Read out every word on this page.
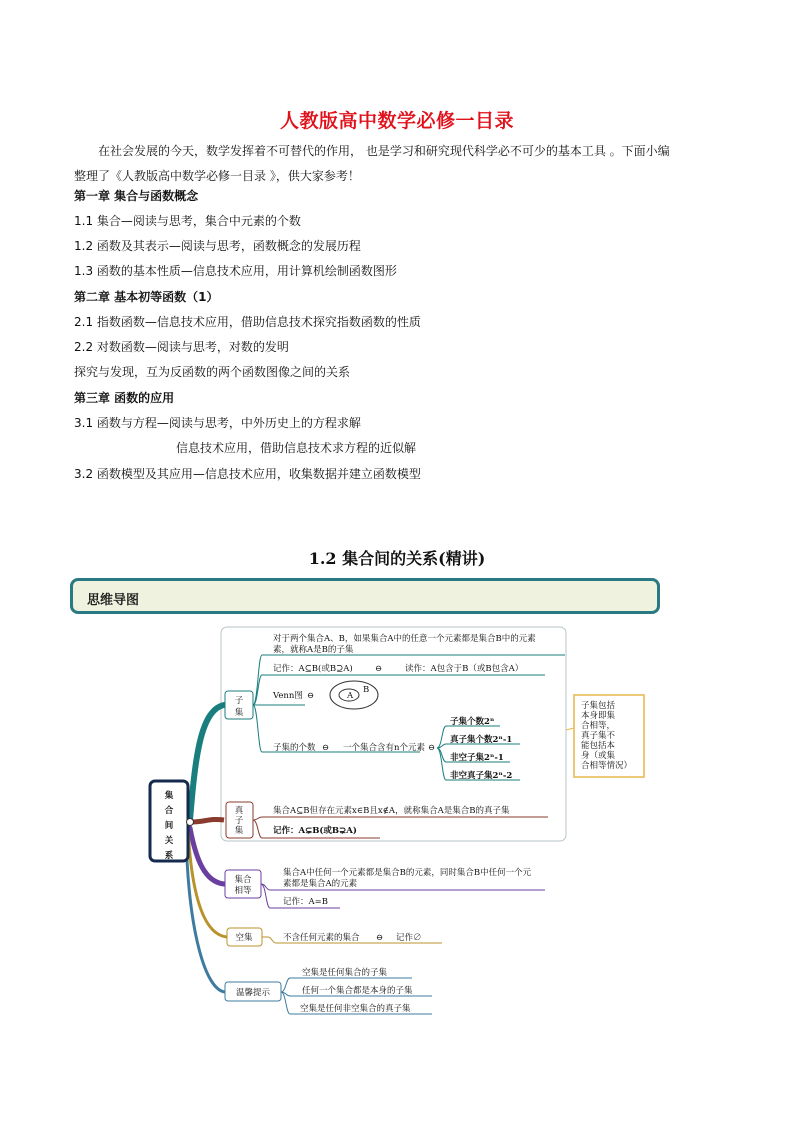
人教版高中数学必修一目录
在社会发展的今天，数学发挥着不可替代的作用， 也是学习和研究现代科学必不可少的基本工具 。下面小编
整理了《人教版高中数学必修一目录 》，供大家参考！
第一章 集合与函数概念
1.1 集合—阅读与思考，集合中元素的个数
1.2 函数及其表示—阅读与思考，函数概念的发展历程
1.3 函数的基本性质—信息技术应用，用计算机绘制函数图形
第二章 基本初等函数（1）
2.1 指数函数—信息技术应用，借助信息技术探究指数函数的性质
2.2 对数函数—阅读与思考，对数的发明
探究与发现，互为反函数的两个函数图像之间的关系
第三章 函数的应用
3.1 函数与方程—阅读与思考，中外历史上的方程求解
信息技术应用，借助信息技术求方程的近似解
3.2 函数模型及其应用—信息技术应用，收集数据并建立函数模型
1.2 集合间的关系(精讲)
思维导图
集
合
间
关
系
子
集
对于两个集合A、B，如果集合A中的任意一个元素都是集合B中的元素
素，就称A是B的子集
记作：A⊆B(或B⊇A)	⊖	读作：A包含于B（或B包含A）
Venn图 ⊖	A
B
子集的个数 ⊖ 一个集合含有n个元素 ⊖
子集个数2ⁿ
真子集个数2ⁿ-1
非空子集2ⁿ-1
非空真子集2ⁿ-2
子集包括
本身即集
合相等，
真子集不
能包括本
身（或集
合相等情况）
真
子
集
集合A⊆B但存在元素x∈B且x∉A，就称集合A是集合B的真子集
记作：A⊊B(或B⊋A)
集合
相等
集合A中任何一个元素都是集合B的元素，同时集合B中任何一个元
素都是集合A的元素
记作：A=B
空集	不含任何元素的集合 ⊖ 记作∅
温馨提示
空集是任何集合的子集
任何一个集合都是本身的子集
空集是任何非空集合的真子集
